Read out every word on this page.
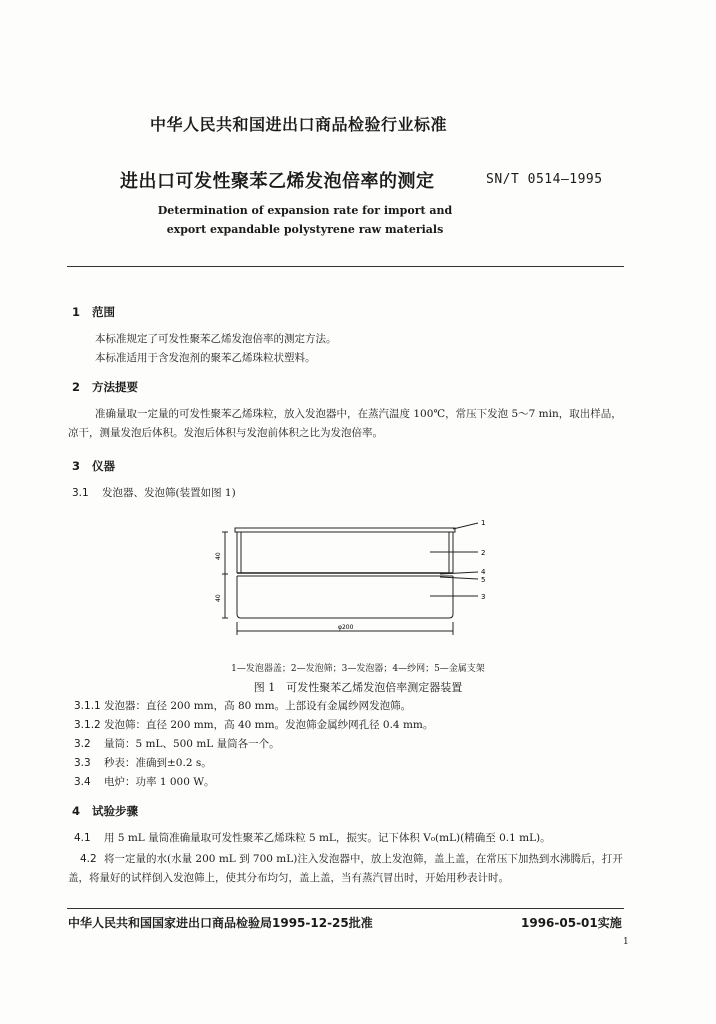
中华人民共和国进出口商品检验行业标准
进出口可发性聚苯乙烯发泡倍率的测定	SN/T 0514—1995
Determination of expansion rate for import and
export expandable polystyrene raw materials
1 范围
本标准规定了可发性聚苯乙烯发泡倍率的测定方法。
本标准适用于含发泡剂的聚苯乙烯珠粒状塑料。
2 方法提要
准确量取一定量的可发性聚苯乙烯珠粒，放入发泡器中，在蒸汽温度 100℃，常压下发泡 5～7 min，取出样品，凉干，测量发泡后体积。发泡后体积与发泡前体积之比为发泡倍率。
3 仪器
3.1 发泡器、发泡筛(装置如图 1)
1
2
4
5
3
40
40
φ200
1—发泡器盖；2—发泡筛；3—发泡器；4—纱网；5—金属支架
图 1　可发性聚苯乙烯发泡倍率测定器装置
3.1.1 发泡器：直径 200 mm，高 80 mm。上部设有金属纱网发泡筛。
3.1.2 发泡筛：直径 200 mm，高 40 mm。发泡筛金属纱网孔径 0.4 mm。
3.2 量筒：5 mL、500 mL 量筒各一个。
3.3 秒表：准确到±0.2 s。
3.4 电炉：功率 1 000 W。
4 试验步骤
4.1 用 5 mL 量筒准确量取可发性聚苯乙烯珠粒 5 mL，振实。记下体积 V₀(mL)(精确至 0.1 mL)。
4.2 将一定量的水(水量 200 mL 到 700 mL)注入发泡器中，放上发泡筛，盖上盖，在常压下加热到水沸腾后，打开盖，将量好的试样倒入发泡筛上，使其分布均匀，盖上盖，当有蒸汽冒出时，开始用秒表计时。
中华人民共和国国家进出口商品检验局1995-12-25批准	1996-05-01实施
1
